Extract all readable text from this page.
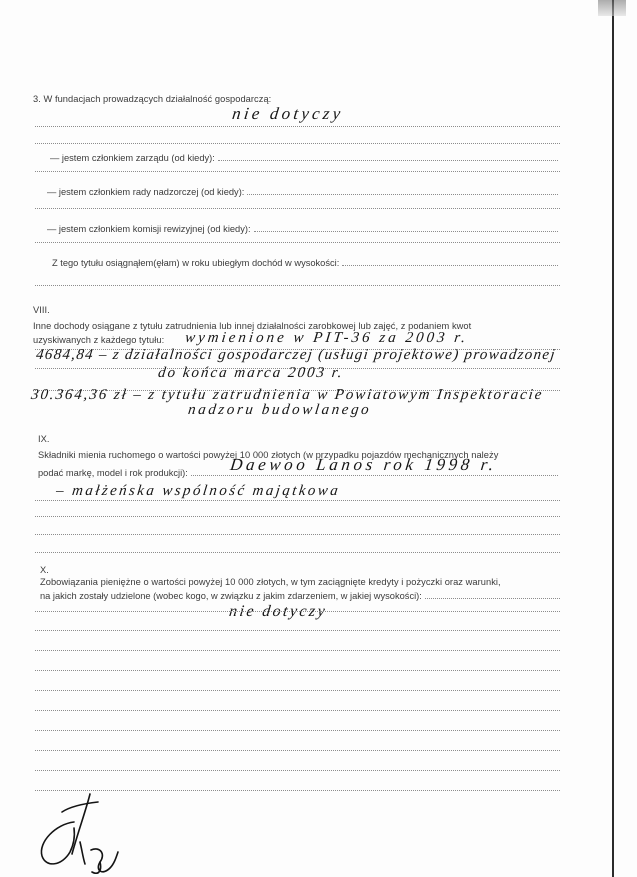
3. W fundacjach prowadzących działalność gospodarczą:
nie dotyczy
— jestem członkiem zarządu (od kiedy):
— jestem członkiem rady nadzorczej (od kiedy):
— jestem członkiem komisji rewizyjnej (od kiedy):
Z tego tytułu osiągnąłem(ęłam) w roku ubiegłym dochód w wysokości:
VIII.
Inne dochody osiągane z tytułu zatrudnienia lub innej działalności zarobkowej lub zajęć, z podaniem kwot
uzyskiwanych z każdego tytułu: wymienione w PIT-36 za 2003 r.
4684,84 – z działalności gospodarczej (usługi projektowe) prowadzonej
do końca marca 2003 r.
30.364,36 zł – z tytułu zatrudnienia w Powiatowym Inspektoracie
nadzoru budowlanego
IX.
Składniki mienia ruchomego o wartości powyżej 10 000 złotych (w przypadku pojazdów mechanicznych należy
podać markę, model i rok produkcji): Daewoo Lanos rok 1998 r.
– małżeńska wspólność majątkowa
X.
Zobowiązania pieniężne o wartości powyżej 10 000 złotych, w tym zaciągnięte kredyty i pożyczki oraz warunki,
na jakich zostały udzielone (wobec kogo, w związku z jakim zdarzeniem, w jakiej wysokości):
nie dotyczy
